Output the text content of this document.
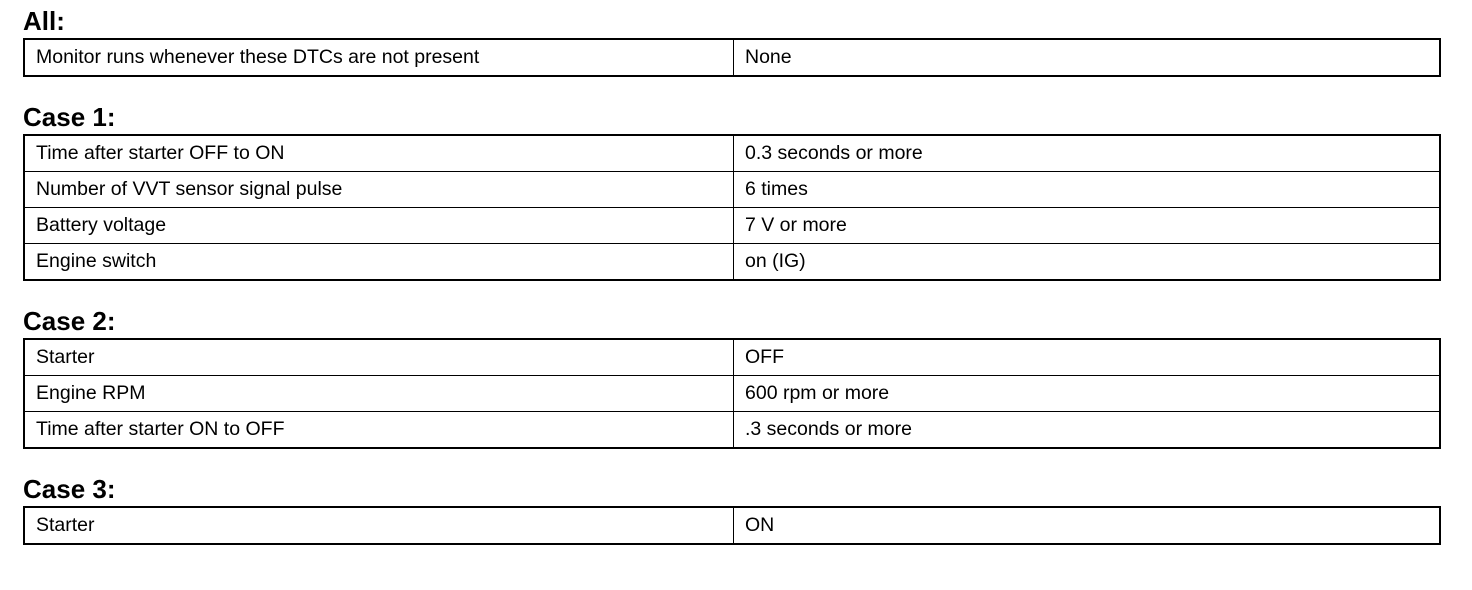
All:
Monitor runs whenever these DTCs are not present	None
Case 1:
Time after starter OFF to ON	0.3 seconds or more
Number of VVT sensor signal pulse	6 times
Battery voltage	7 V or more
Engine switch	on (IG)
Case 2:
Starter	OFF
Engine RPM	600 rpm or more
Time after starter ON to OFF	.3 seconds or more
Case 3:
Starter	ON
